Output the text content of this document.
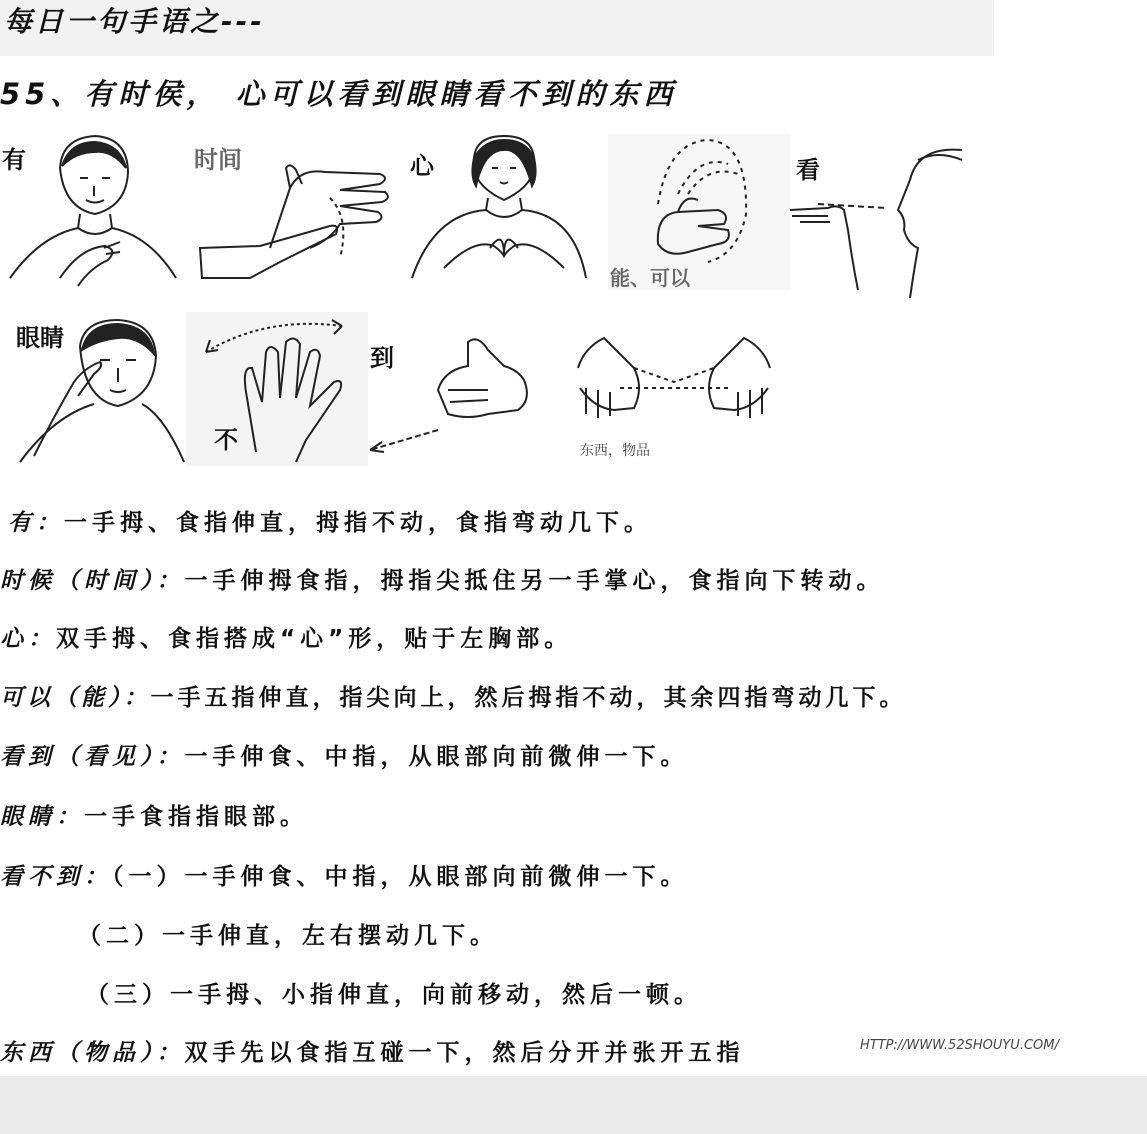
每日一句手语之---
55、有时侯， 心可以看到眼睛看不到的东西
有	时间	心
能、可以
看
眼睛
不
到
东西，物品
有：一手拇、食指伸直，拇指不动，食指弯动几下。
时候（时间）：一手伸拇食指，拇指尖抵住另一手掌心，食指向下转动。
心：双手拇、食指搭成“心”形，贴于左胸部。
可以（能）：一手五指伸直，指尖向上，然后拇指不动，其余四指弯动几下。
看到（看见）：一手伸食、中指，从眼部向前微伸一下。
眼睛：一手食指指眼部。
看不到：（一）一手伸食、中指，从眼部向前微伸一下。
（二）一手伸直，左右摆动几下。
（三）一手拇、小指伸直，向前移动，然后一顿。
东西（物品）：双手先以食指互碰一下，然后分开并张开五指	HTTP://WWW.52SHOUYU.COM/
